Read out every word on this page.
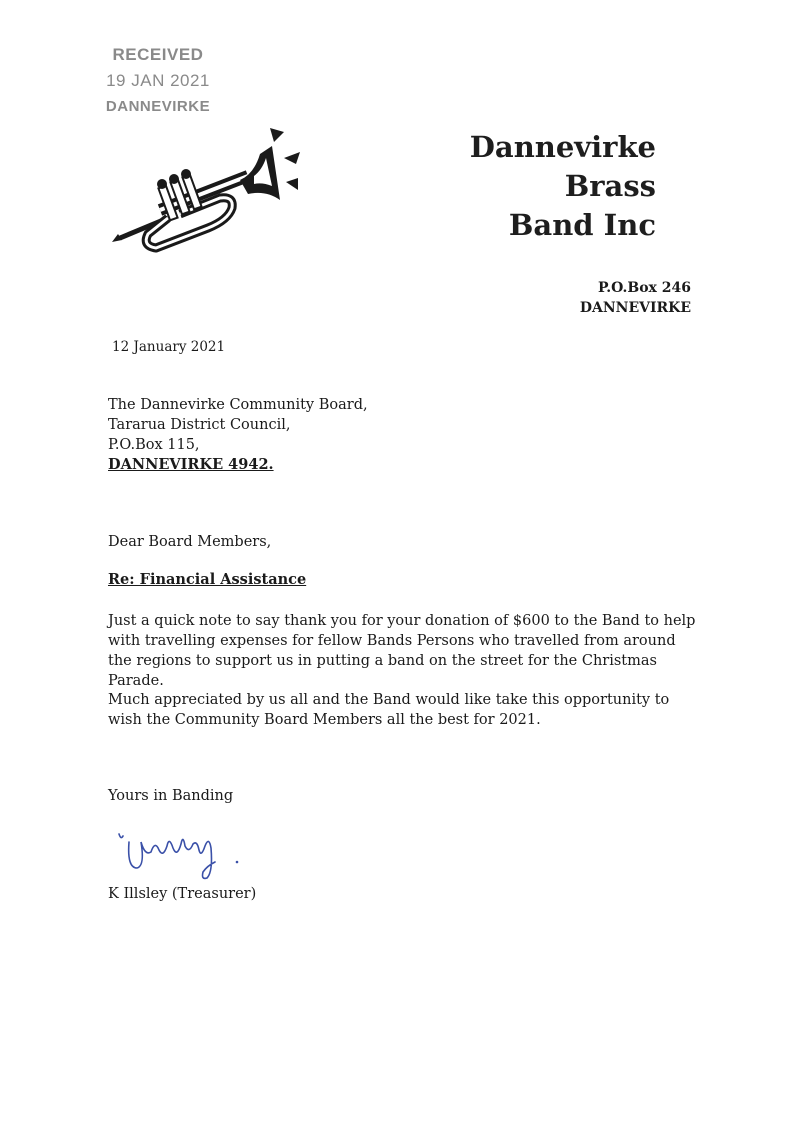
RECEIVED
19 JAN 2021
DANNEVIRKE
Dannevirke Brass
Band Inc
P.O.Box 246
DANNEVIRKE
12 January 2021
The Dannevirke Community Board,
Tararua District Council,
P.O.Box 115,
DANNEVIRKE 4942.
Dear Board Members,
Re: Financial Assistance
Just a quick note to say thank you for your donation of $600 to the Band to help with travelling expenses for fellow Bands Persons who travelled from around the regions to support us in putting a band on the street for the Christmas Parade.
Much appreciated by us all and the Band would like take this opportunity to wish the Community Board Members all the best for 2021.
Yours in Banding
K Illsley (Treasurer)
